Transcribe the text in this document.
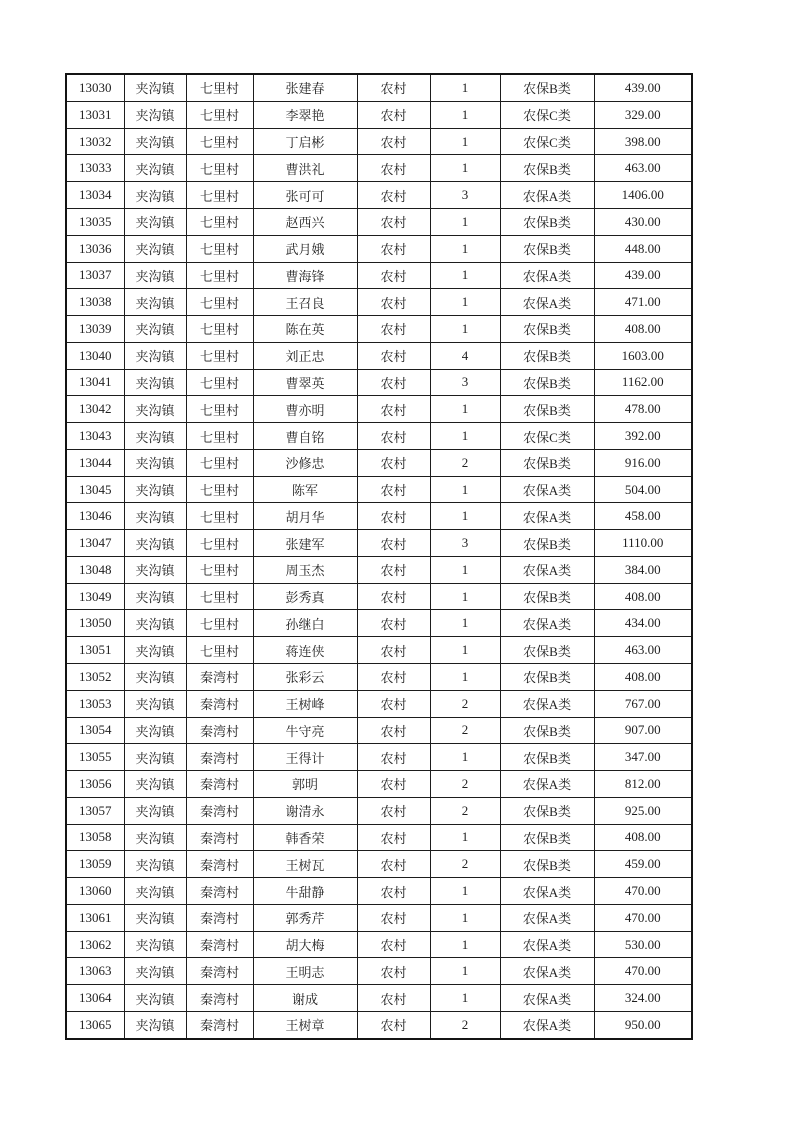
13030	夹沟镇	七里村	张建春	农村	1	农保B类	439.00
13031	夹沟镇	七里村	李翠艳	农村	1	农保C类	329.00
13032	夹沟镇	七里村	丁启彬	农村	1	农保C类	398.00
13033	夹沟镇	七里村	曹洪礼	农村	1	农保B类	463.00
13034	夹沟镇	七里村	张可可	农村	3	农保A类	1406.00
13035	夹沟镇	七里村	赵西兴	农村	1	农保B类	430.00
13036	夹沟镇	七里村	武月娥	农村	1	农保B类	448.00
13037	夹沟镇	七里村	曹海锋	农村	1	农保A类	439.00
13038	夹沟镇	七里村	王召良	农村	1	农保A类	471.00
13039	夹沟镇	七里村	陈在英	农村	1	农保B类	408.00
13040	夹沟镇	七里村	刘正忠	农村	4	农保B类	1603.00
13041	夹沟镇	七里村	曹翠英	农村	3	农保B类	1162.00
13042	夹沟镇	七里村	曹亦明	农村	1	农保B类	478.00
13043	夹沟镇	七里村	曹自铭	农村	1	农保C类	392.00
13044	夹沟镇	七里村	沙修忠	农村	2	农保B类	916.00
13045	夹沟镇	七里村	陈军	农村	1	农保A类	504.00
13046	夹沟镇	七里村	胡月华	农村	1	农保A类	458.00
13047	夹沟镇	七里村	张建军	农村	3	农保B类	1110.00
13048	夹沟镇	七里村	周玉杰	农村	1	农保A类	384.00
13049	夹沟镇	七里村	彭秀真	农村	1	农保B类	408.00
13050	夹沟镇	七里村	孙继白	农村	1	农保A类	434.00
13051	夹沟镇	七里村	蒋连侠	农村	1	农保B类	463.00
13052	夹沟镇	秦湾村	张彩云	农村	1	农保B类	408.00
13053	夹沟镇	秦湾村	王树峰	农村	2	农保A类	767.00
13054	夹沟镇	秦湾村	牛守亮	农村	2	农保B类	907.00
13055	夹沟镇	秦湾村	王得计	农村	1	农保B类	347.00
13056	夹沟镇	秦湾村	郭明	农村	2	农保A类	812.00
13057	夹沟镇	秦湾村	谢清永	农村	2	农保B类	925.00
13058	夹沟镇	秦湾村	韩香荣	农村	1	农保B类	408.00
13059	夹沟镇	秦湾村	王树瓦	农村	2	农保B类	459.00
13060	夹沟镇	秦湾村	牛甜静	农村	1	农保A类	470.00
13061	夹沟镇	秦湾村	郭秀芹	农村	1	农保A类	470.00
13062	夹沟镇	秦湾村	胡大梅	农村	1	农保A类	530.00
13063	夹沟镇	秦湾村	王明志	农村	1	农保A类	470.00
13064	夹沟镇	秦湾村	谢成	农村	1	农保A类	324.00
13065	夹沟镇	秦湾村	王树章	农村	2	农保A类	950.00
